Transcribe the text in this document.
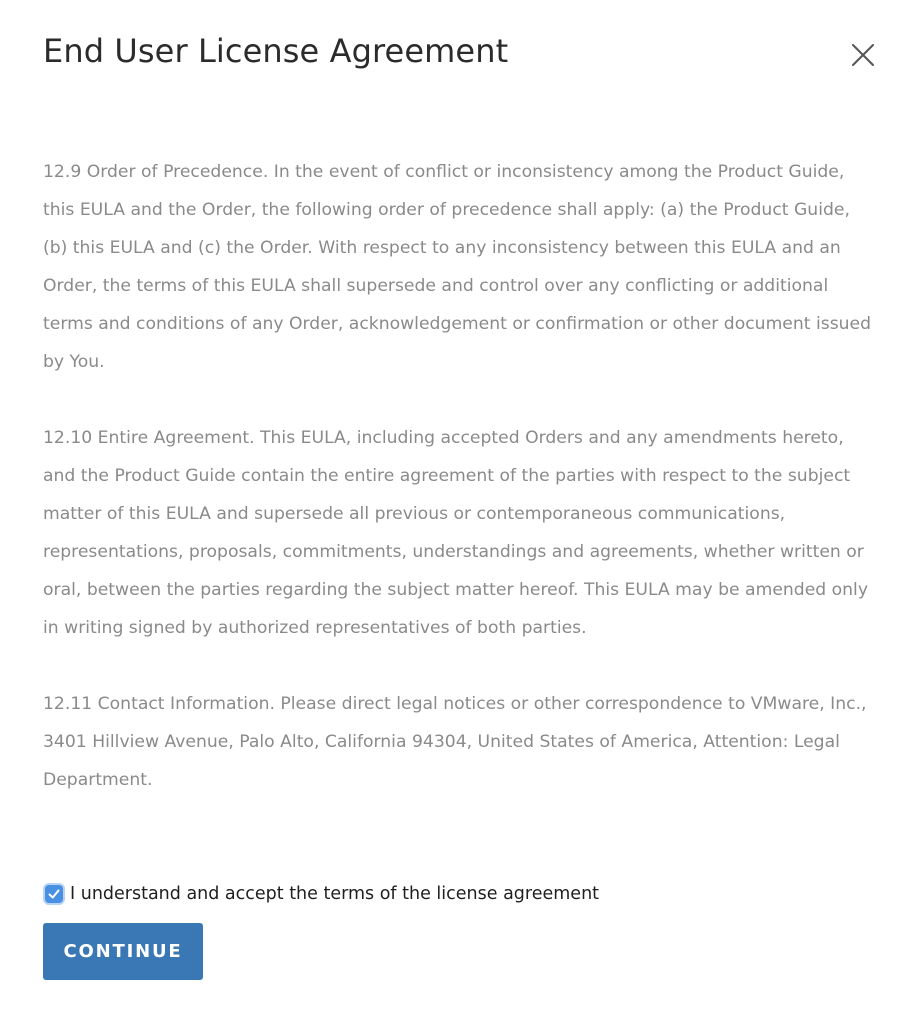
End User License Agreement

12.9 Order of Precedence. In the event of conflict or inconsistency among the Product Guide, this EULA and the Order, the following order of precedence shall apply: (a) the Product Guide, (b) this EULA and (c) the Order. With respect to any inconsistency between this EULA and an Order, the terms of this EULA shall supersede and control over any conflicting or additional terms and conditions of any Order, acknowledgement or confirmation or other document issued by You.

12.10 Entire Agreement. This EULA, including accepted Orders and any amendments hereto, and the Product Guide contain the entire agreement of the parties with respect to the subject matter of this EULA and supersede all previous or contemporaneous communications, representations, proposals, commitments, understandings and agreements, whether written or oral, between the parties regarding the subject matter hereof. This EULA may be amended only in writing signed by authorized representatives of both parties.

12.11 Contact Information. Please direct legal notices or other correspondence to VMware, Inc., 3401 Hillview Avenue, Palo Alto, California 94304, United States of America, Attention: Legal Department.

I understand and accept the terms of the license agreement
CONTINUE
